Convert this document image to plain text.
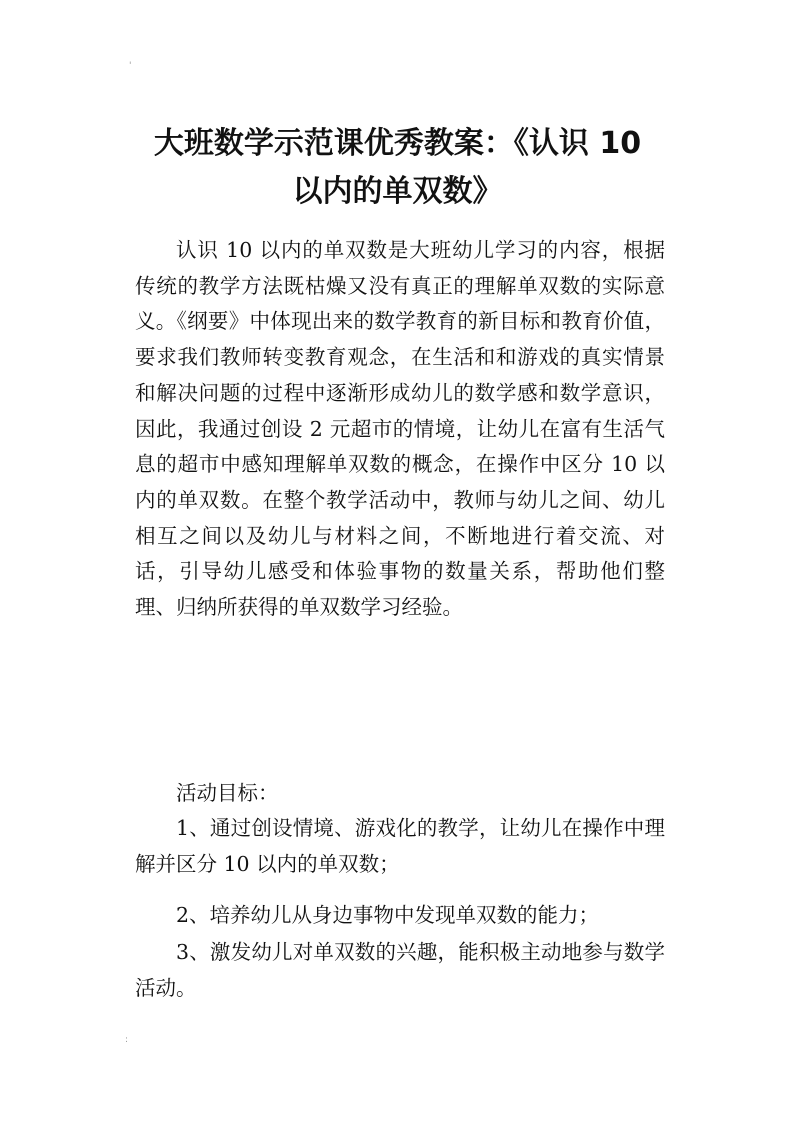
'
大班数学示范课优秀教案：《认识 10
以内的单双数》

认识 10 以内的单双数是大班幼儿学习的内容，根据传统的教学方法既枯燥又没有真正的理解单双数的实际意义。《纲要》中体现出来的数学教育的新目标和教育价值，要求我们教师转变教育观念，在生活和和游戏的真实情景和解决问题的过程中逐渐形成幼儿的数学感和数学意识，因此，我通过创设 2 元超市的情境，让幼儿在富有生活气息的超市中感知理解单双数的概念，在操作中区分 10 以内的单双数。在整个教学活动中，教师与幼儿之间、幼儿相互之间以及幼儿与材料之间，不断地进行着交流、对话，引导幼儿感受和体验事物的数量关系，帮助他们整理、归纳所获得的单双数学习经验。

活动目标：

1、通过创设情境、游戏化的教学，让幼儿在操作中理解并区分 10 以内的单双数；

2、培养幼儿从身边事物中发现单双数的能力；

3、激发幼儿对单双数的兴趣，能积极主动地参与数学活动。

:
